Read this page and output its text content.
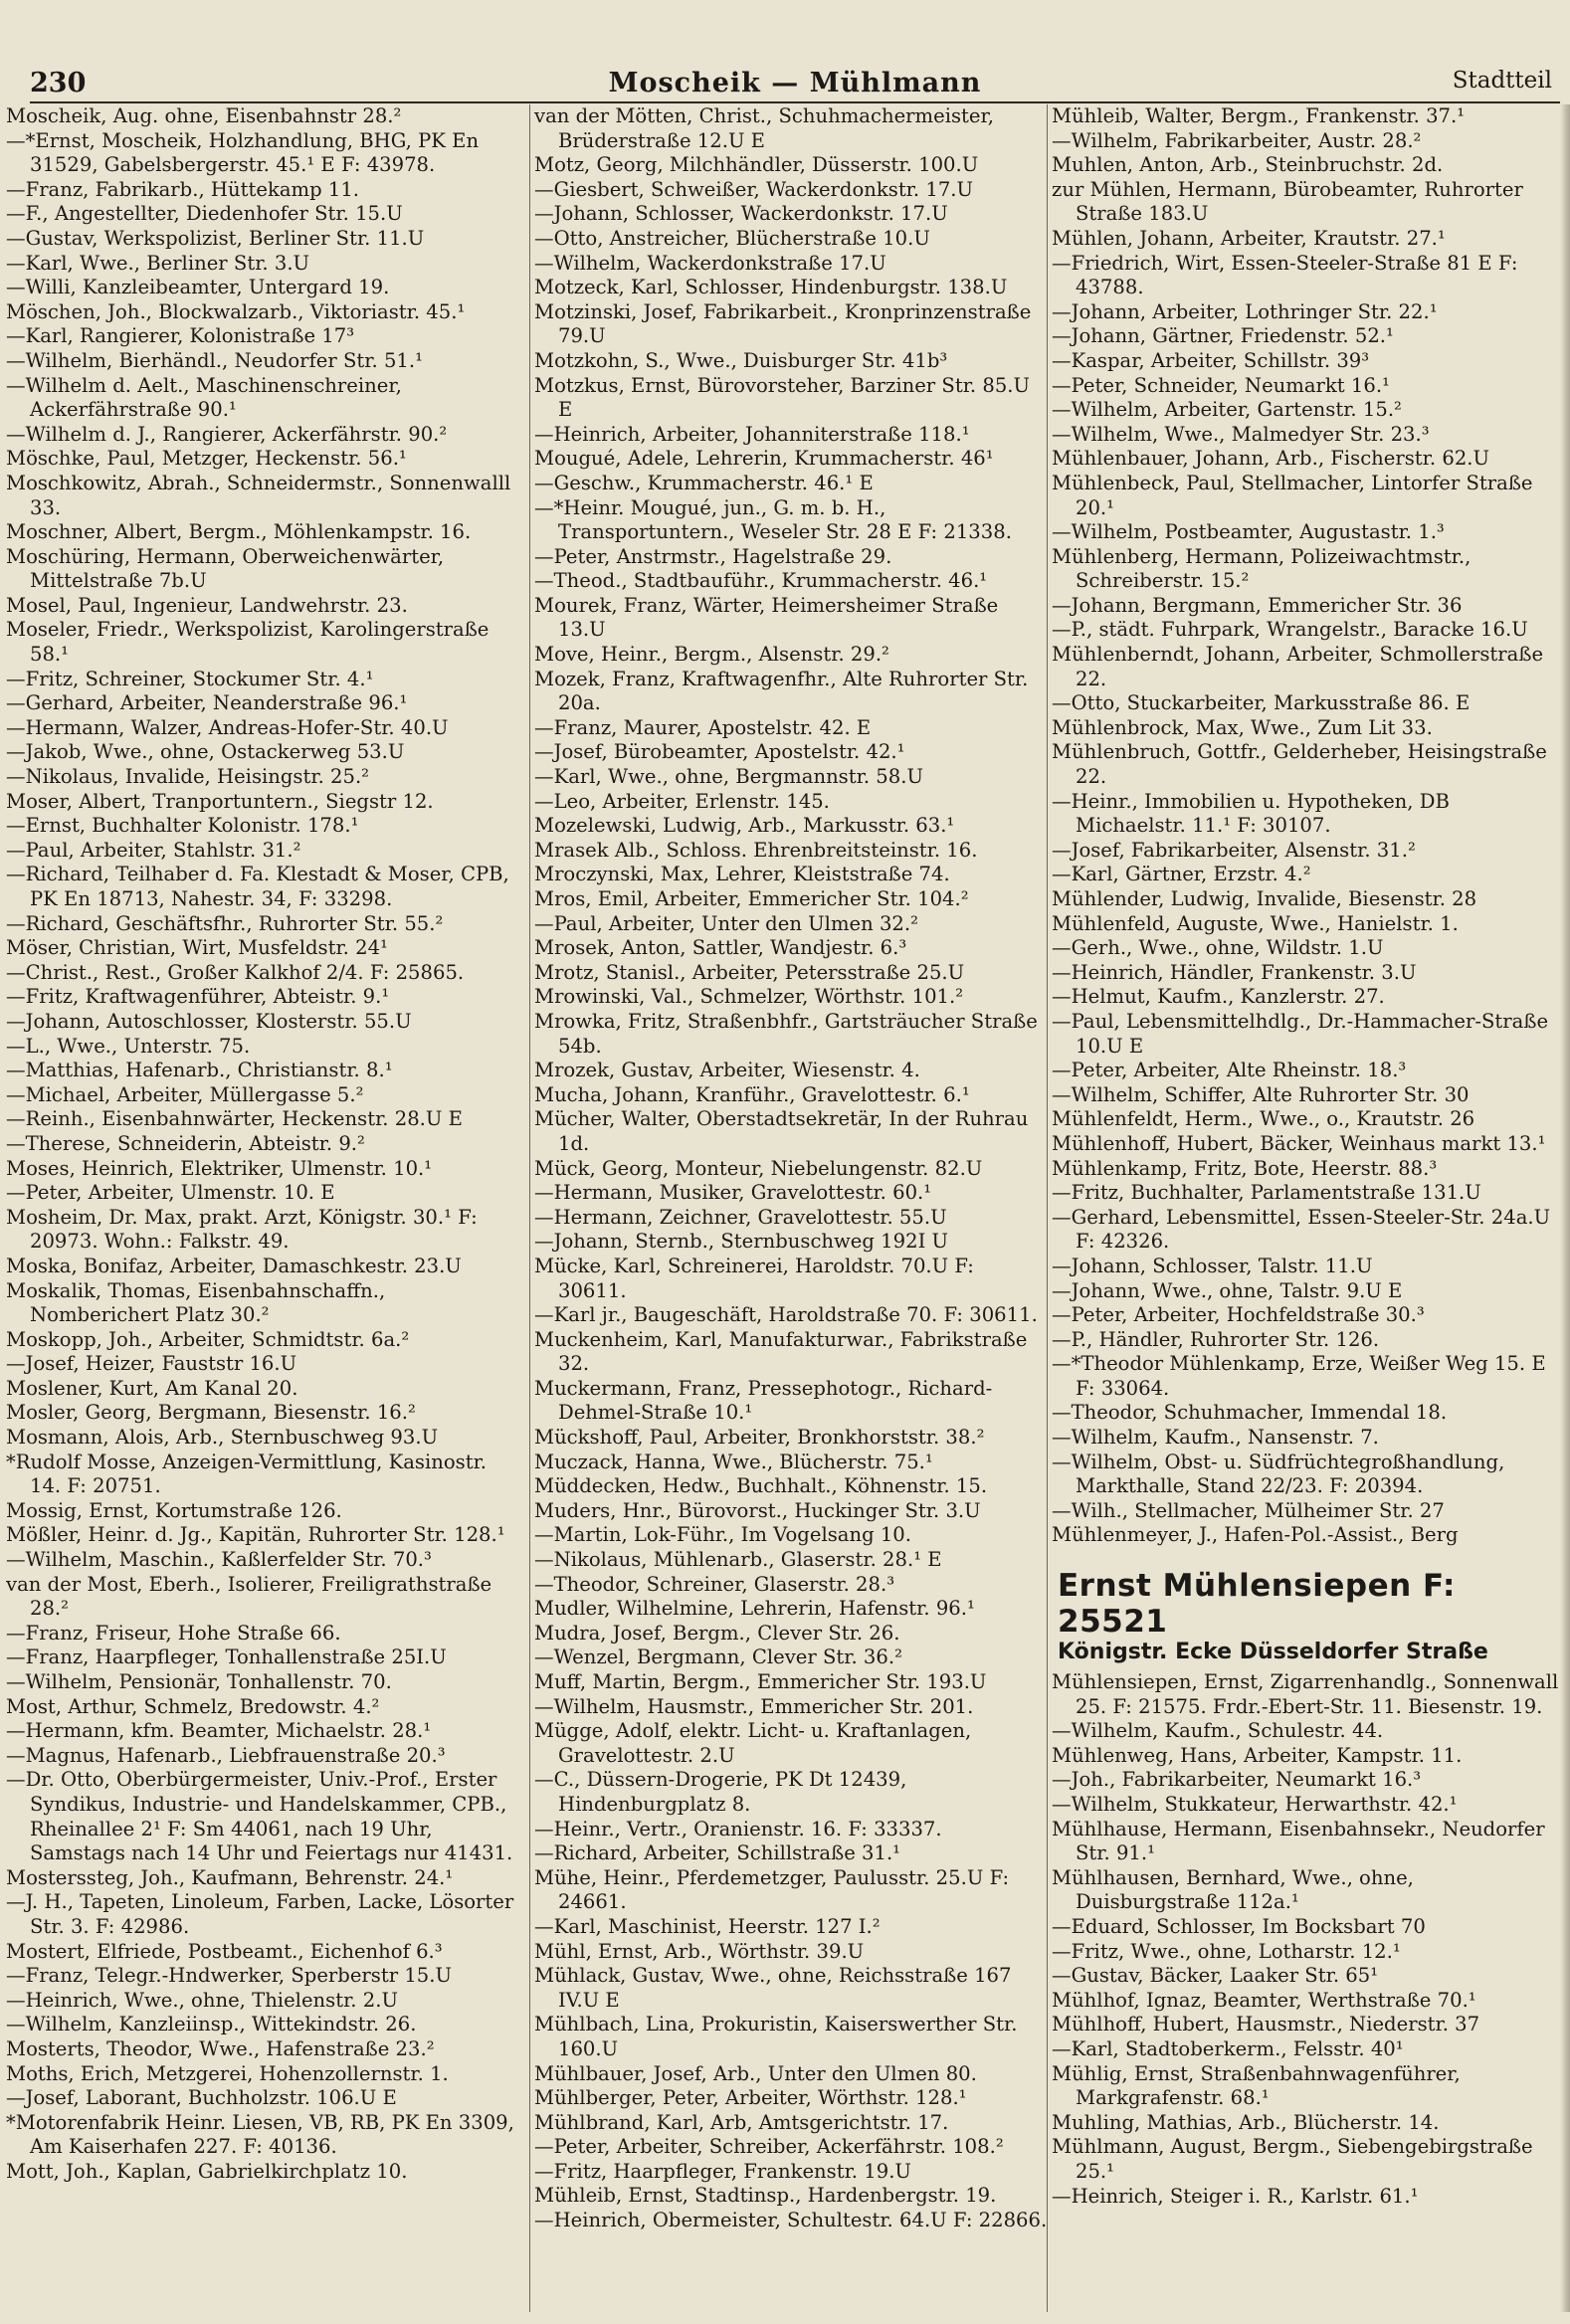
230	Moscheik — Mühlmann	Stadtteil
Moscheik, Aug. ohne, Eisenbahnstr 28.²
—*Ernst, Moscheik, Holzhandlung, BHG, PK En 31529, Gabelsbergerstr. 45.¹ E F: 43978.
—Franz, Fabrikarb., Hüttekamp 11.
—F., Angestellter, Diedenhofer Str. 15.U
—Gustav, Werkspolizist, Berliner Str. 11.U
—Karl, Wwe., Berliner Str. 3.U
—Willi, Kanzleibeamter, Untergard 19.
Möschen, Joh., Blockwalzarb., Viktoriastr. 45.¹
—Karl, Rangierer, Kolonistraße 17³
—Wilhelm, Bierhändl., Neudorfer Str. 51.¹
—Wilhelm d. Aelt., Maschinenschreiner, Ackerfährstraße 90.¹
—Wilhelm d. J., Rangierer, Ackerfährstr. 90.²
Möschke, Paul, Metzger, Heckenstr. 56.¹
Moschkowitz, Abrah., Schneidermstr., Sonnenwalll 33.
Moschner, Albert, Bergm., Möhlenkampstr. 16.
Moschüring, Hermann, Oberweichenwärter, Mittelstraße 7b.U
Mosel, Paul, Ingenieur, Landwehrstr. 23.
Moseler, Friedr., Werkspolizist, Karolingerstraße 58.¹
—Fritz, Schreiner, Stockumer Str. 4.¹
—Gerhard, Arbeiter, Neanderstraße 96.¹
—Hermann, Walzer, Andreas-Hofer-Str. 40.U
—Jakob, Wwe., ohne, Ostackerweg 53.U
—Nikolaus, Invalide, Heisingstr. 25.²
Moser, Albert, Tranportuntern., Siegstr 12.
—Ernst, Buchhalter Kolonistr. 178.¹
—Paul, Arbeiter, Stahlstr. 31.²
—Richard, Teilhaber d. Fa. Klestadt & Moser, CPB, PK En 18713, Nahestr. 34, F: 33298.
—Richard, Geschäftsfhr., Ruhrorter Str. 55.²
Möser, Christian, Wirt, Musfeldstr. 24¹
—Christ., Rest., Großer Kalkhof 2/4. F: 25865.
—Fritz, Kraftwagenführer, Abteistr. 9.¹
—Johann, Autoschlosser, Klosterstr. 55.U
—L., Wwe., Unterstr. 75.
—Matthias, Hafenarb., Christianstr. 8.¹
—Michael, Arbeiter, Müllergasse 5.²
—Reinh., Eisenbahnwärter, Heckenstr. 28.U E
—Therese, Schneiderin, Abteistr. 9.²
Moses, Heinrich, Elektriker, Ulmenstr. 10.¹
—Peter, Arbeiter, Ulmenstr. 10. E
Mosheim, Dr. Max, prakt. Arzt, Königstr. 30.¹ F: 20973. Wohn.: Falkstr. 49.
Moska, Bonifaz, Arbeiter, Damaschkestr. 23.U
Moskalik, Thomas, Eisenbahnschaffn., Nomberichert Platz 30.²
Moskopp, Joh., Arbeiter, Schmidtstr. 6a.²
—Josef, Heizer, Fauststr 16.U
Moslener, Kurt, Am Kanal 20.
Mosler, Georg, Bergmann, Biesenstr. 16.²
Mosmann, Alois, Arb., Sternbuschweg 93.U
*Rudolf Mosse, Anzeigen-Vermittlung, Kasinostr. 14. F: 20751.
Mossig, Ernst, Kortumstraße 126.
Mößler, Heinr. d. Jg., Kapitän, Ruhrorter Str. 128.¹
—Wilhelm, Maschin., Kaßlerfelder Str. 70.³
van der Most, Eberh., Isolierer, Freiligrathstraße 28.²
—Franz, Friseur, Hohe Straße 66.
—Franz, Haarpfleger, Tonhallenstraße 25I.U
—Wilhelm, Pensionär, Tonhallenstr. 70.
Most, Arthur, Schmelz, Bredowstr. 4.²
—Hermann, kfm. Beamter, Michaelstr. 28.¹
—Magnus, Hafenarb., Liebfrauenstraße 20.³
—Dr. Otto, Oberbürgermeister, Univ.-Prof., Erster Syndikus, Industrie- und Handelskammer, CPB., Rheinallee 2¹ F: Sm 44061, nach 19 Uhr, Samstags nach 14 Uhr und Feiertags nur 41431.
Mosterssteg, Joh., Kaufmann, Behrenstr. 24.¹
—J. H., Tapeten, Linoleum, Farben, Lacke, Lösorter Str. 3. F: 42986.
Mostert, Elfriede, Postbeamt., Eichenhof 6.³
—Franz, Telegr.-Hndwerker, Sperberstr 15.U
—Heinrich, Wwe., ohne, Thielenstr. 2.U
—Wilhelm, Kanzleiinsp., Wittekindstr. 26.
Mosterts, Theodor, Wwe., Hafenstraße 23.²
Moths, Erich, Metzgerei, Hohenzollernstr. 1.
—Josef, Laborant, Buchholzstr. 106.U E
*Motorenfabrik Heinr. Liesen, VB, RB, PK En 3309, Am Kaiserhafen 227. F: 40136.
Mott, Joh., Kaplan, Gabrielkirchplatz 10.
van der Mötten, Christ., Schuhmachermeister, Brüderstraße 12.U E
Motz, Georg, Milchhändler, Düsserstr. 100.U
—Giesbert, Schweißer, Wackerdonkstr. 17.U
—Johann, Schlosser, Wackerdonkstr. 17.U
—Otto, Anstreicher, Blücherstraße 10.U
—Wilhelm, Wackerdonkstraße 17.U
Motzeck, Karl, Schlosser, Hindenburgstr. 138.U
Motzinski, Josef, Fabrikarbeit., Kronprinzenstraße 79.U
Motzkohn, S., Wwe., Duisburger Str. 41b³
Motzkus, Ernst, Bürovorsteher, Barziner Str. 85.U E
—Heinrich, Arbeiter, Johanniterstraße 118.¹
Mougué, Adele, Lehrerin, Krummacherstr. 46¹
—Geschw., Krummacherstr. 46.¹ E
—*Heinr. Mougué, jun., G. m. b. H., Transportuntern., Weseler Str. 28 E F: 21338.
—Peter, Anstrmstr., Hagelstraße 29.
—Theod., Stadtbauführ., Krummacherstr. 46.¹
Mourek, Franz, Wärter, Heimersheimer Straße 13.U
Move, Heinr., Bergm., Alsenstr. 29.²
Mozek, Franz, Kraftwagenfhr., Alte Ruhrorter Str. 20a.
—Franz, Maurer, Apostelstr. 42. E
—Josef, Bürobeamter, Apostelstr. 42.¹
—Karl, Wwe., ohne, Bergmannstr. 58.U
—Leo, Arbeiter, Erlenstr. 145.
Mozelewski, Ludwig, Arb., Markusstr. 63.¹
Mrasek Alb., Schloss. Ehrenbreitsteinstr. 16.
Mroczynski, Max, Lehrer, Kleiststraße 74.
Mros, Emil, Arbeiter, Emmericher Str. 104.²
—Paul, Arbeiter, Unter den Ulmen 32.²
Mrosek, Anton, Sattler, Wandjestr. 6.³
Mrotz, Stanisl., Arbeiter, Petersstraße 25.U
Mrowinski, Val., Schmelzer, Wörthstr. 101.²
Mrowka, Fritz, Straßenbhfr., Gartsträucher Straße 54b.
Mrozek, Gustav, Arbeiter, Wiesenstr. 4.
Mucha, Johann, Kranführ., Gravelottestr. 6.¹
Mücher, Walter, Oberstadtsekretär, In der Ruhrau 1d.
Mück, Georg, Monteur, Niebelungenstr. 82.U
—Hermann, Musiker, Gravelottestr. 60.¹
—Hermann, Zeichner, Gravelottestr. 55.U
—Johann, Sternb., Sternbuschweg 192I U
Mücke, Karl, Schreinerei, Haroldstr. 70.U F: 30611.
—Karl jr., Baugeschäft, Haroldstraße 70. F: 30611.
Muckenheim, Karl, Manufakturwar., Fabrikstraße 32.
Muckermann, Franz, Pressephotogr., Richard-Dehmel-Straße 10.¹
Mückshoff, Paul, Arbeiter, Bronkhorststr. 38.²
Muczack, Hanna, Wwe., Blücherstr. 75.¹
Müddecken, Hedw., Buchhalt., Köhnenstr. 15.
Muders, Hnr., Bürovorst., Huckinger Str. 3.U
—Martin, Lok-Führ., Im Vogelsang 10.
—Nikolaus, Mühlenarb., Glaserstr. 28.¹ E
—Theodor, Schreiner, Glaserstr. 28.³
Mudler, Wilhelmine, Lehrerin, Hafenstr. 96.¹
Mudra, Josef, Bergm., Clever Str. 26.
—Wenzel, Bergmann, Clever Str. 36.²
Muff, Martin, Bergm., Emmericher Str. 193.U
—Wilhelm, Hausmstr., Emmericher Str. 201.
Mügge, Adolf, elektr. Licht- u. Kraftanlagen, Gravelottestr. 2.U
—C., Düssern-Drogerie, PK Dt 12439, Hindenburgplatz 8.
—Heinr., Vertr., Oranienstr. 16. F: 33337.
—Richard, Arbeiter, Schillstraße 31.¹
Mühe, Heinr., Pferdemetzger, Paulusstr. 25.U F: 24661.
—Karl, Maschinist, Heerstr. 127 I.²
Mühl, Ernst, Arb., Wörthstr. 39.U
Mühlack, Gustav, Wwe., ohne, Reichsstraße 167 IV.U E
Mühlbach, Lina, Prokuristin, Kaiserswerther Str. 160.U
Mühlbauer, Josef, Arb., Unter den Ulmen 80.
Mühlberger, Peter, Arbeiter, Wörthstr. 128.¹
Mühlbrand, Karl, Arb, Amtsgerichtstr. 17.
—Peter, Arbeiter, Schreiber, Ackerfährstr. 108.²
—Fritz, Haarpfleger, Frankenstr. 19.U
Mühleib, Ernst, Stadtinsp., Hardenbergstr. 19.
—Heinrich, Obermeister, Schultestr. 64.U F: 22866.
Mühleib, Walter, Bergm., Frankenstr. 37.¹
—Wilhelm, Fabrikarbeiter, Austr. 28.²
Muhlen, Anton, Arb., Steinbruchstr. 2d.
zur Mühlen, Hermann, Bürobeamter, Ruhrorter Straße 183.U
Mühlen, Johann, Arbeiter, Krautstr. 27.¹
—Friedrich, Wirt, Essen-Steeler-Straße 81 E F: 43788.
—Johann, Arbeiter, Lothringer Str. 22.¹
—Johann, Gärtner, Friedenstr. 52.¹
—Kaspar, Arbeiter, Schillstr. 39³
—Peter, Schneider, Neumarkt 16.¹
—Wilhelm, Arbeiter, Gartenstr. 15.²
—Wilhelm, Wwe., Malmedyer Str. 23.³
Mühlenbauer, Johann, Arb., Fischerstr. 62.U
Mühlenbeck, Paul, Stellmacher, Lintorfer Straße 20.¹
—Wilhelm, Postbeamter, Augustastr. 1.³
Mühlenberg, Hermann, Polizeiwachtmstr., Schreiberstr. 15.²
—Johann, Bergmann, Emmericher Str. 36
—P., städt. Fuhrpark, Wrangelstr., Baracke 16.U
Mühlenberndt, Johann, Arbeiter, Schmollerstraße 22.
—Otto, Stuckarbeiter, Markusstraße 86. E
Mühlenbrock, Max, Wwe., Zum Lit 33.
Mühlenbruch, Gottfr., Gelderheber, Heisingstraße 22.
—Heinr., Immobilien u. Hypotheken, DB Michaelstr. 11.¹ F: 30107.
—Josef, Fabrikarbeiter, Alsenstr. 31.²
—Karl, Gärtner, Erzstr. 4.²
Mühlender, Ludwig, Invalide, Biesenstr. 28
Mühlenfeld, Auguste, Wwe., Hanielstr. 1.
—Gerh., Wwe., ohne, Wildstr. 1.U
—Heinrich, Händler, Frankenstr. 3.U
—Helmut, Kaufm., Kanzlerstr. 27.
—Paul, Lebensmittelhdlg., Dr.-Hammacher-Straße 10.U E
—Peter, Arbeiter, Alte Rheinstr. 18.³
—Wilhelm, Schiffer, Alte Ruhrorter Str. 30
Mühlenfeldt, Herm., Wwe., o., Krautstr. 26
Mühlenhoff, Hubert, Bäcker, Weinhaus markt 13.¹
Mühlenkamp, Fritz, Bote, Heerstr. 88.³
—Fritz, Buchhalter, Parlamentstraße 131.U
—Gerhard, Lebensmittel, Essen-Steeler-Str. 24a.U F: 42326.
—Johann, Schlosser, Talstr. 11.U
—Johann, Wwe., ohne, Talstr. 9.U E
—Peter, Arbeiter, Hochfeldstraße 30.³
—P., Händler, Ruhrorter Str. 126.
—*Theodor Mühlenkamp, Erze, Weißer Weg 15. E F: 33064.
—Theodor, Schuhmacher, Immendal 18.
—Wilhelm, Kaufm., Nansenstr. 7.
—Wilhelm, Obst- u. Südfrüchtegroßhandlung, Markthalle, Stand 22/23. F: 20394.
—Wilh., Stellmacher, Mülheimer Str. 27
Mühlenmeyer, J., Hafen-Pol.-Assist., Berg
Ernst Mühlensiepen F: 25521
Königstr. Ecke Düsseldorfer Straße
Mühlensiepen, Ernst, Zigarrenhandlg., Sonnenwall 25. F: 21575. Frdr.-Ebert-Str. 11. Biesenstr. 19.
—Wilhelm, Kaufm., Schulestr. 44.
Mühlenweg, Hans, Arbeiter, Kampstr. 11.
—Joh., Fabrikarbeiter, Neumarkt 16.³
—Wilhelm, Stukkateur, Herwarthstr. 42.¹
Mühlhause, Hermann, Eisenbahnsekr., Neudorfer Str. 91.¹
Mühlhausen, Bernhard, Wwe., ohne, Duisburgstraße 112a.¹
—Eduard, Schlosser, Im Bocksbart 70
—Fritz, Wwe., ohne, Lotharstr. 12.¹
—Gustav, Bäcker, Laaker Str. 65¹
Mühlhof, Ignaz, Beamter, Werthstraße 70.¹
Mühlhoff, Hubert, Hausmstr., Niederstr. 37
—Karl, Stadtoberkerm., Felsstr. 40¹
Mühlig, Ernst, Straßenbahnwagenführer, Markgrafenstr. 68.¹
Muhling, Mathias, Arb., Blücherstr. 14.
Mühlmann, August, Bergm., Siebengebirgstraße 25.¹
—Heinrich, Steiger i. R., Karlstr. 61.¹
